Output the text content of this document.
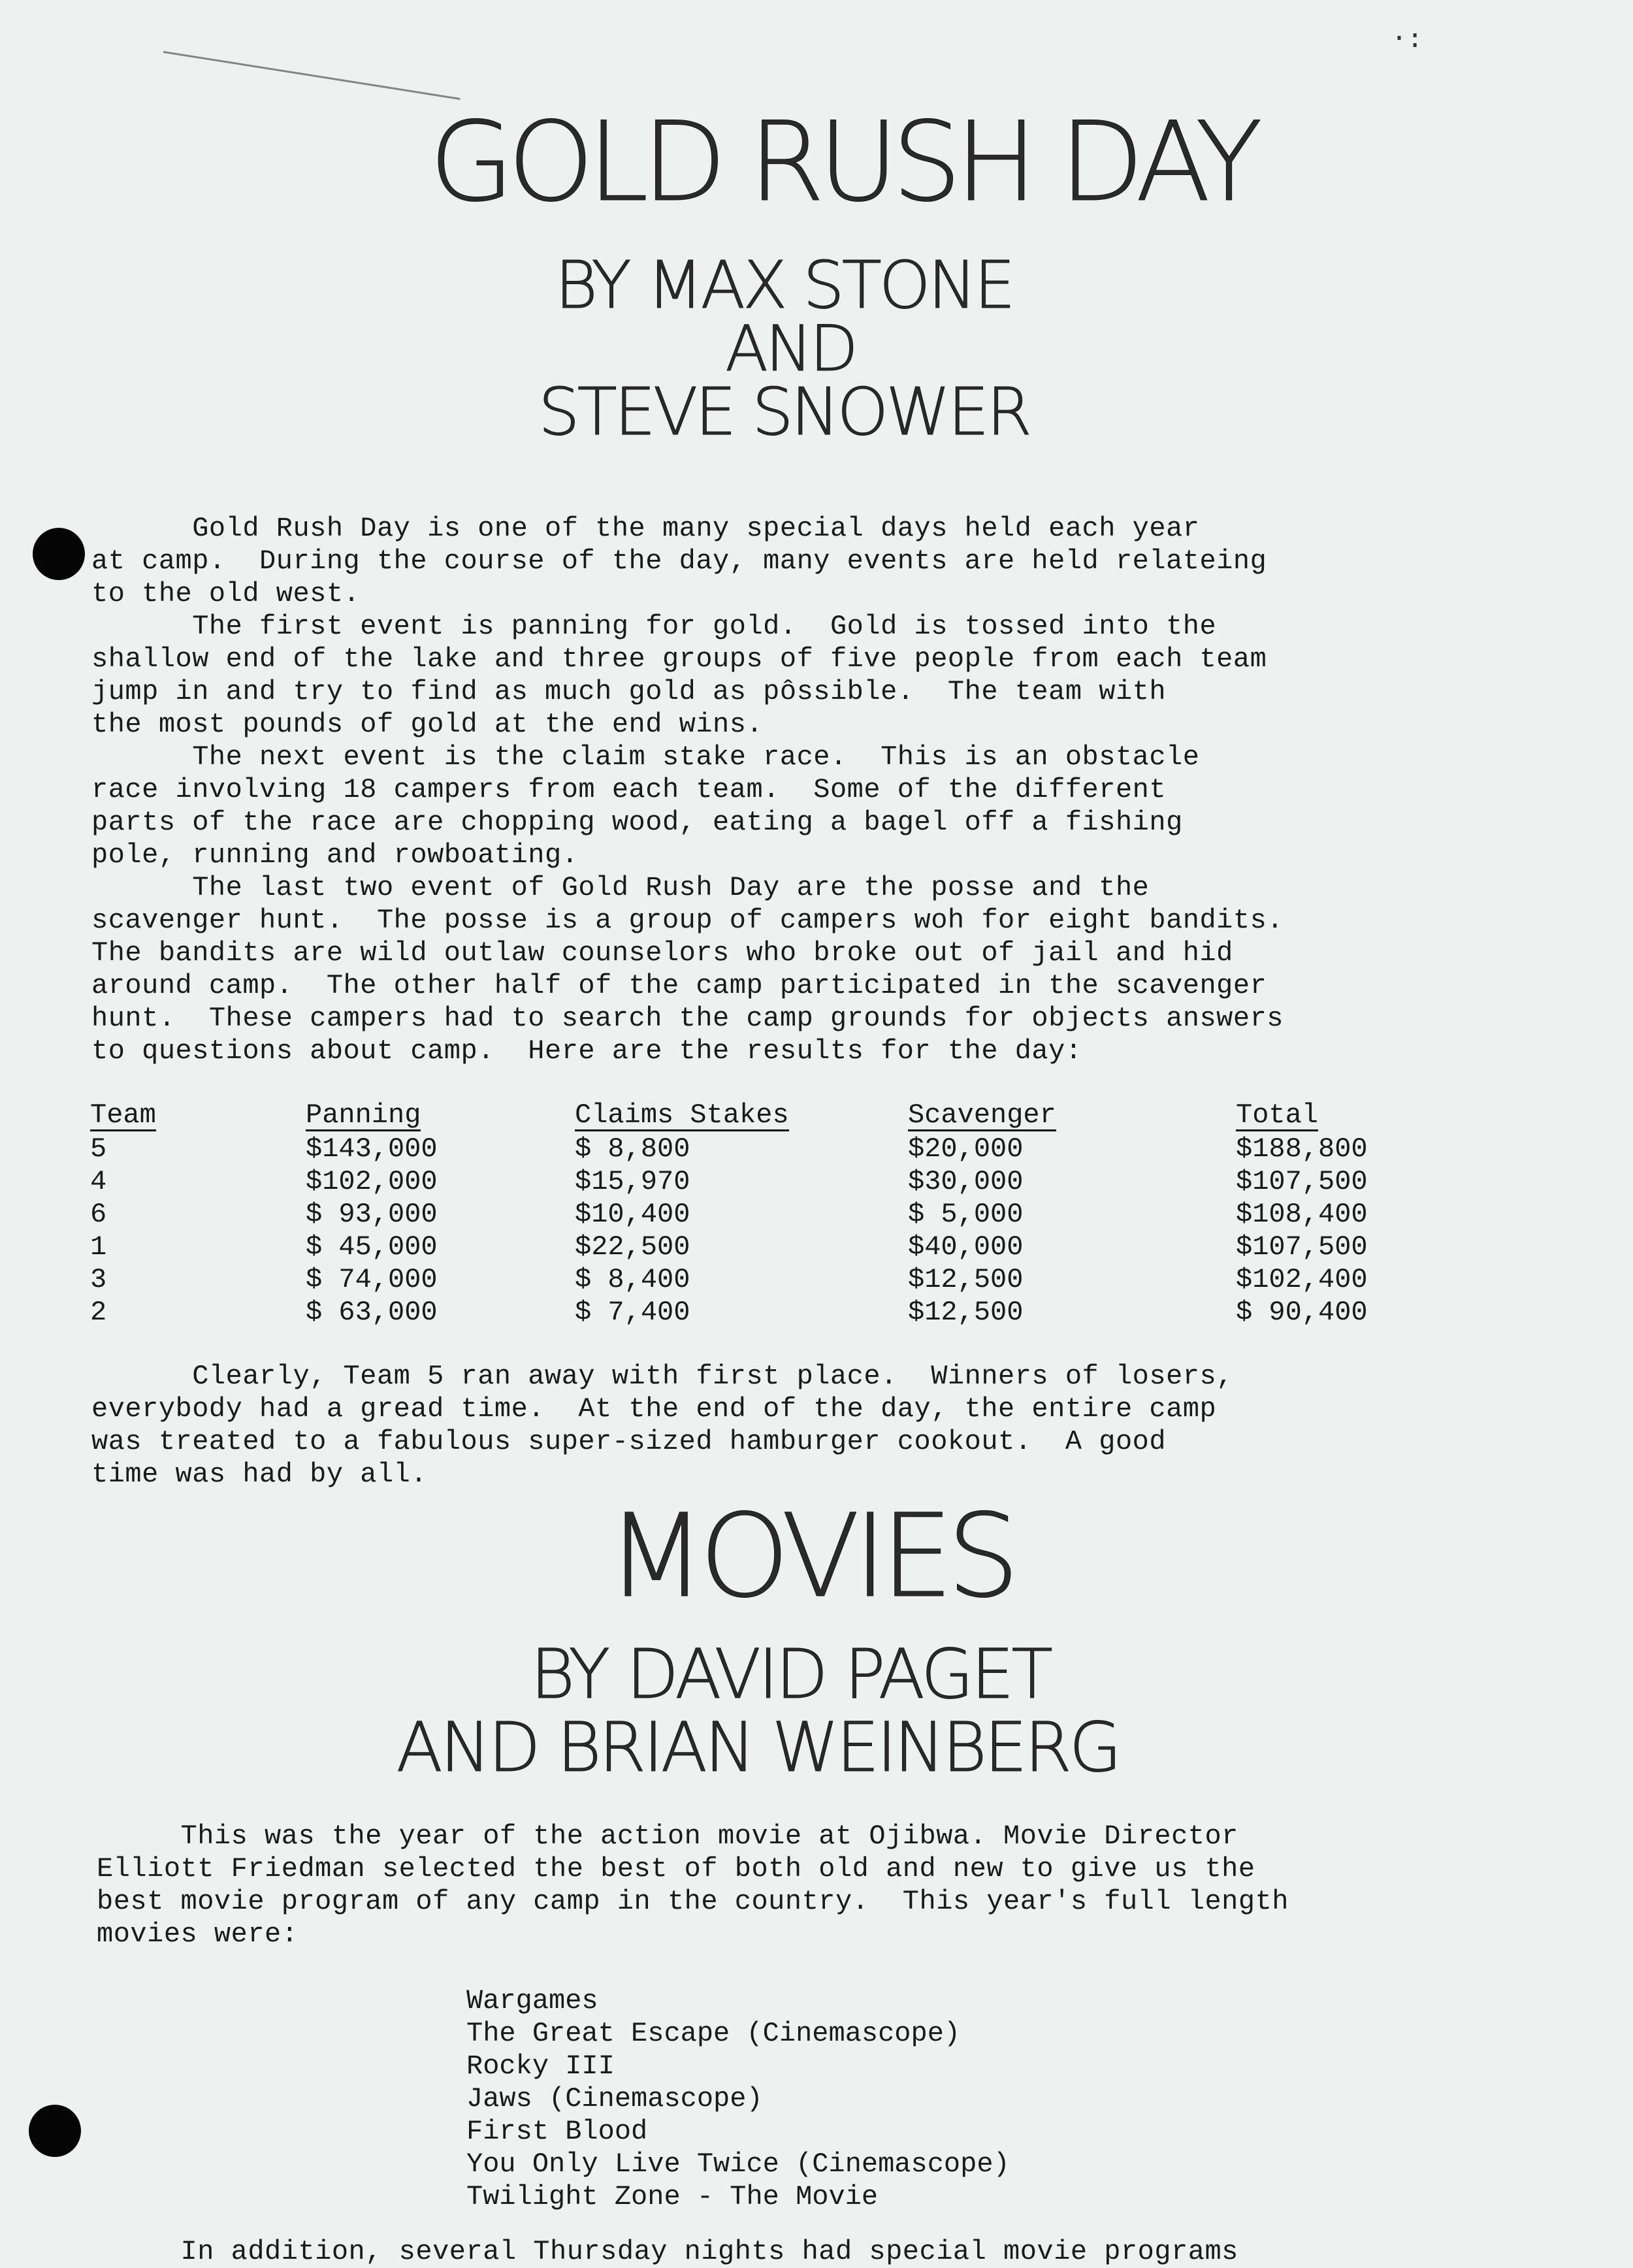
·:
GOLD RUSH DAY
BY MAX STONE
AND
STEVE SNOWER
Gold Rush Day is one of the many special days held each year
at camp.  During the course of the day, many events are held relateing
to the old west.
The first event is panning for gold.  Gold is tossed into the
shallow end of the lake and three groups of five people from each team
jump in and try to find as much gold as pôssible.  The team with
the most pounds of gold at the end wins.
The next event is the claim stake race.  This is an obstacle
race involving 18 campers from each team.  Some of the different
parts of the race are chopping wood, eating a bagel off a fishing
pole, running and rowboating.
The last two event of Gold Rush Day are the posse and the
scavenger hunt.  The posse is a group of campers woh for eight bandits.
The bandits are wild outlaw counselors who broke out of jail and hid
around camp.  The other half of the camp participated in the scavenger
hunt.  These campers had to search the camp grounds for objects answers
to questions about camp.  Here are the results for the day:
Team
5
4
6
1
3
2
Panning
$143,000
$102,000
$ 93,000
$ 45,000
$ 74,000
$ 63,000
Claims Stakes
$ 8,800
$15,970
$10,400
$22,500
$ 8,400
$ 7,400
Scavenger
$20,000
$30,000
$ 5,000
$40,000
$12,500
$12,500
Total
$188,800
$107,500
$108,400
$107,500
$102,400
$ 90,400
Clearly, Team 5 ran away with first place.  Winners of losers,
everybody had a gread time.  At the end of the day, the entire camp
was treated to a fabulous super-sized hamburger cookout.  A good
time was had by all.
MOVIES
BY DAVID PAGET
AND BRIAN WEINBERG
This was the year of the action movie at Ojibwa. Movie Director
Elliott Friedman selected the best of both old and new to give us the
best movie program of any camp in the country.  This year's full length
movies were:
Wargames
The Great Escape (Cinemascope)
Rocky III
Jaws (Cinemascope)
First Blood
You Only Live Twice (Cinemascope)
Twilight Zone - The Movie
In addition, several Thursday nights had special movie programs
